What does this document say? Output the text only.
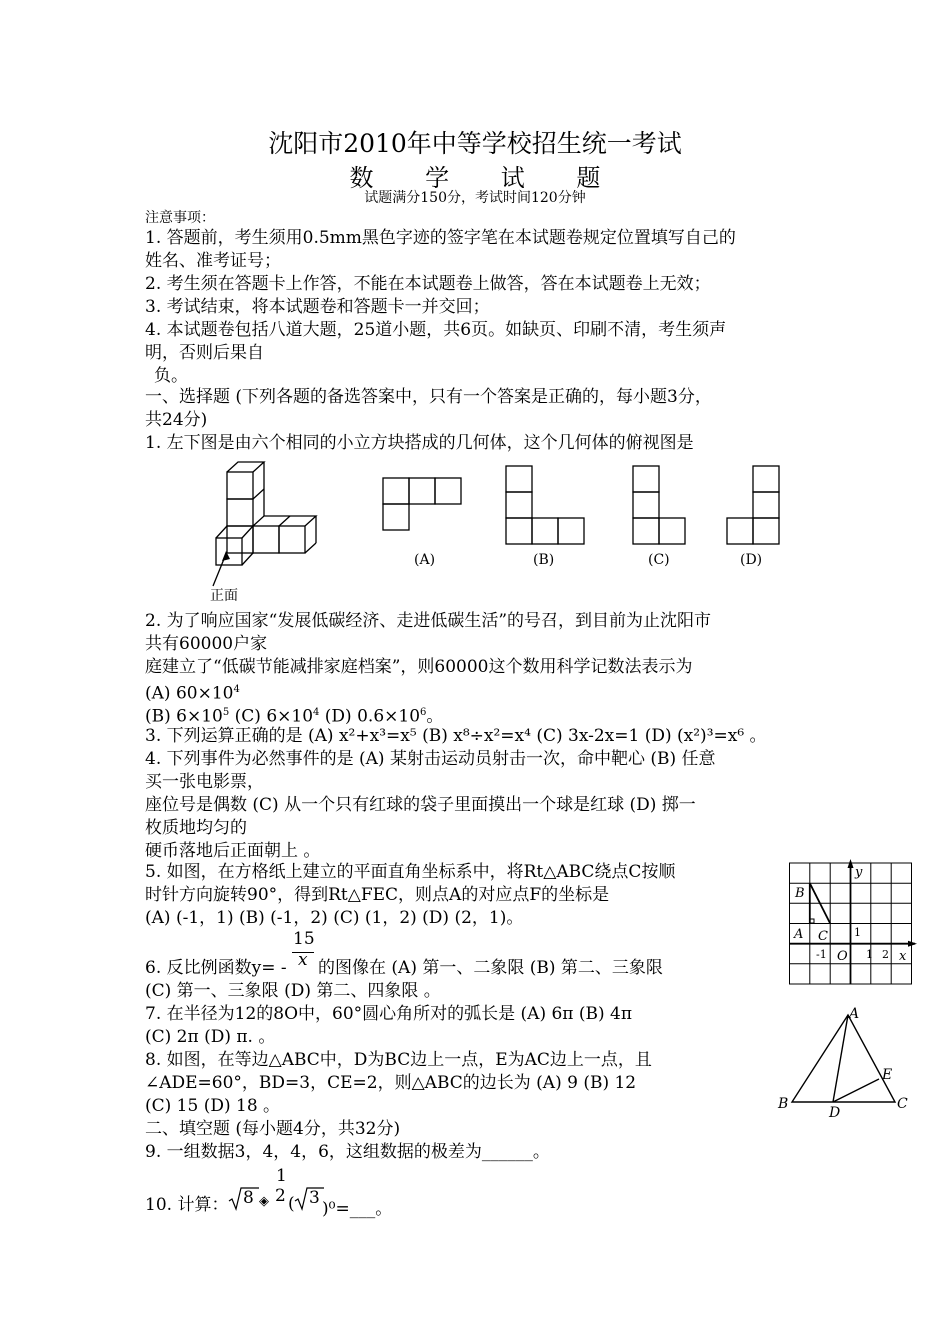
沈阳市2010年中等学校招生统一考试
数 学 试 题
试题满分150分，考试时间120分钟
注意事项：
1. 答题前，考生须用0.5mm黑色字迹的签字笔在本试题卷规定位置填写自己的
姓名、准考证号；
2. 考生须在答题卡上作答，不能在本试题卷上做答，答在本试题卷上无效；
3. 考试结束，将本试题卷和答题卡一并交回；
4. 本试题卷包括八道大题，25道小题，共6页。如缺页、印刷不清，考生须声
明，否则后果自
负。
一、选择题 (下列各题的备选答案中，只有一个答案是正确的，每小题3分，
共24分)
1. 左下图是由六个相同的小立方块搭成的几何体，这个几何体的俯视图是
正面
(A)	(B)	(C)	(D)
2. 为了响应国家“发展低碳经济、走进低碳生活”的号召，到目前为止沈阳市
共有60000户家
庭建立了“低碳节能减排家庭档案”，则60000这个数用科学记数法表示为
(A) $60\times 10^4$
(B) $6\times 10^5$ (C) $6\times 10^4$ (D) $0.6\times 10^6$。
3. 下列运算正确的是 (A) x²+x³=x⁵ (B) x⁸÷x²=x⁴ (C) 3x-2x=1 (D) (x²)³=x⁶ 。
4. 下列事件为必然事件的是 (A) 某射击运动员射击一次，命中靶心 (B) 任意
买一张电影票，
座位号是偶数 (C) 从一个只有红球的袋子里面摸出一个球是红球 (D) 掷一
枚质地均匀的
硬币落地后正面朝上 。
5. 如图，在方格纸上建立的平面直角坐标系中，将Rt△ABC绕点C按顺
时针方向旋转90°，得到Rt△FEC，则点A的对应点F的坐标是
(A) (-1，1) (B) (-1，2) (C) (1，2) (D) (2，1)。
y
x
B
A C
O
1
-1	1 2
15
x
6. 反比例函数y= - 的图像在 (A) 第一、二象限 (B) 第二、三象限
(C) 第一、三象限 (D) 第二、四象限 。
7. 在半径为12的8O中，60°圆心角所对的弧长是 (A) 6π (B) 4π
(C) 2π (D) π. 。
8. 如图，在等边△ABC中，D为BC边上一点，E为AC边上一点，且
∠ADE=60°，BD=3，CE=2，则△ABC的边长为 (A) 9 (B) 12
(C) 15 (D) 18 。
A
B	C
D
E
二、填空题 (每小题4分，共32分)
9. 一组数据3，4，4，6，这组数据的极差为______。
10. 计算： 8 ◈
1
2 ( 3
)⁰=___。
